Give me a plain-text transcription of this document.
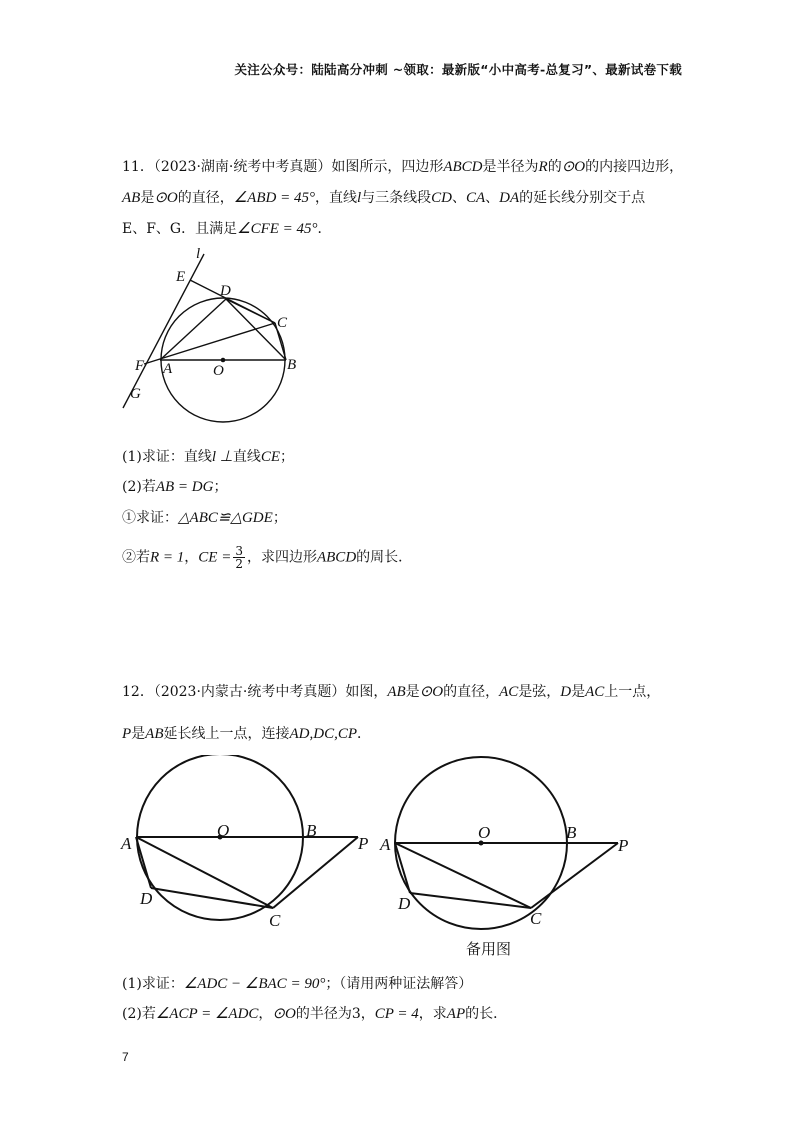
关注公众号：陆陆高分冲刺 ~领取：最新版“小中高考-总复习”、最新试卷下载
11．（2023·湖南·统考中考真题）如图所示，四边形ABCD是半径为R的⊙O的内接四边形，
AB是⊙O的直径，∠ABD = 45°，直线l与三条线段CD、CA、DA的延长线分别交于点
E、F、G．且满足∠CFE = 45°．
l
E
D
C
F A	O	B
G
(1)求证：直线l ⊥直线CE；
(2)若AB = DG；
①求证：△ABC≌△GDE；
②若R = 1，CE = $\frac{3}{2}$ ，求四边形ABCD的周长．
12．（2023·内蒙古·统考中考真题）如图，AB是⊙O的直径，AC是弦，D是AC上一点，
P是AB延长线上一点，连接AD,DC,CP．
A
O	B
P
D
C
A
O	B
P
D
C
备用图
(1)求证：∠ADC − ∠BAC = 90°；（请用两种证法解答）
(2)若∠ACP = ∠ADC，⊙O的半径为3，CP = 4，求AP的长．
7
